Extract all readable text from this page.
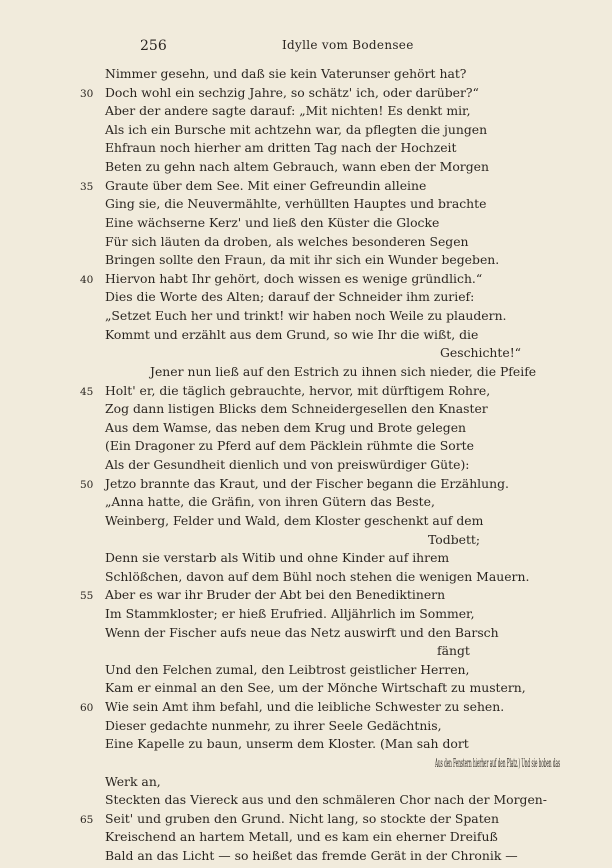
256	Idylle vom Bodensee
Nimmer gesehn, und daß sie kein Vaterunser gehört hat?
30 Doch wohl ein sechzig Jahre, so schätz' ich, oder darüber?“
Aber der andere sagte darauf: „Mit nichten! Es denkt mir,
Als ich ein Bursche mit achtzehn war, da pflegten die jungen
Ehfraun noch hierher am dritten Tag nach der Hochzeit
Beten zu gehn nach altem Gebrauch, wann eben der Morgen
35 Graute über dem See. Mit einer Gefreundin alleine
Ging sie, die Neuvermählte, verhüllten Hauptes und brachte
Eine wächserne Kerz' und ließ den Küster die Glocke
Für sich läuten da droben, als welches besonderen Segen
Bringen sollte den Fraun, da mit ihr sich ein Wunder begeben.
40 Hiervon habt Ihr gehört, doch wissen es wenige gründlich.“
Dies die Worte des Alten; darauf der Schneider ihm zurief:
„Setzet Euch her und trinkt! wir haben noch Weile zu plaudern.
Kommt und erzählt aus dem Grund, so wie Ihr die wißt, die
Geschichte!“
Jener nun ließ auf den Estrich zu ihnen sich nieder, die Pfeife
45 Holt' er, die täglich gebrauchte, hervor, mit dürftigem Rohre,
Zog dann listigen Blicks dem Schneidergesellen den Knaster
Aus dem Wamse, das neben dem Krug und Brote gelegen
(Ein Dragoner zu Pferd auf dem Päcklein rühmte die Sorte
Als der Gesundheit dienlich und von preiswürdiger Güte):
50 Jetzo brannte das Kraut, und der Fischer begann die Erzählung.
„Anna hatte, die Gräfin, von ihren Gütern das Beste,
Weinberg, Felder und Wald, dem Kloster geschenkt auf dem
Todbett;
Denn sie verstarb als Witib und ohne Kinder auf ihrem
Schlößchen, davon auf dem Bühl noch stehen die wenigen Mauern.
55 Aber es war ihr Bruder der Abt bei den Benediktinern
Im Stammkloster; er hieß Erufried. Alljährlich im Sommer,
Wenn der Fischer aufs neue das Netz auswirft und den Barsch
fängt
Und den Felchen zumal, den Leibtrost geistlicher Herren,
Kam er einmal an den See, um der Mönche Wirtschaft zu mustern,
60 Wie sein Amt ihm befahl, und die leibliche Schwester zu sehen.
Dieser gedachte nunmehr, zu ihrer Seele Gedächtnis,
Eine Kapelle zu baun, unserm dem Kloster. (Man sah dort
Aus den Fenstern hierher auf den Platz.) Und sie hoben das
Werk an,
Steckten das Viereck aus und den schmäleren Chor nach der Morgen-
65 Seit' und gruben den Grund. Nicht lang, so stockte der Spaten
Kreischend an hartem Metall, und es kam ein eherner Dreifuß
Bald an das Licht — so heißet das fremde Gerät in der Chronik —
